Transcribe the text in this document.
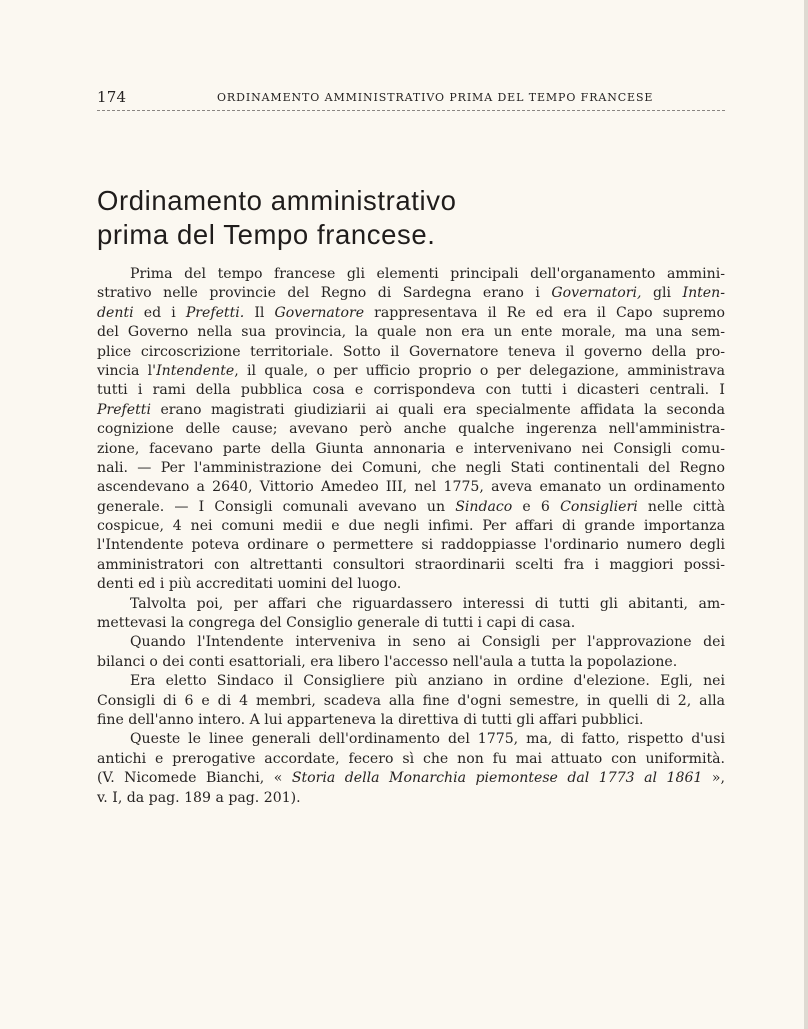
174	ORDINAMENTO AMMINISTRATIVO PRIMA DEL TEMPO FRANCESE
Ordinamento amministrativo
prima del Tempo francese.
Prima del tempo francese gli elementi principali dell'organamento ammini-
strativo nelle provincie del Regno di Sardegna erano i Governatori, gli Inten-
denti ed i Prefetti. Il Governatore rappresentava il Re ed era il Capo supremo
del Governo nella sua provincia, la quale non era un ente morale, ma una sem-
plice circoscrizione territoriale. Sotto il Governatore teneva il governo della pro-
vincia l'Intendente, il quale, o per ufficio proprio o per delegazione, amministrava
tutti i rami della pubblica cosa e corrispondeva con tutti i dicasteri centrali. I
Prefetti erano magistrati giudiziarii ai quali era specialmente affidata la seconda
cognizione delle cause; avevano però anche qualche ingerenza nell'amministra-
zione, facevano parte della Giunta annonaria e intervenivano nei Consigli comu-
nali. — Per l'amministrazione dei Comuni, che negli Stati continentali del Regno
ascendevano a 2640, Vittorio Amedeo III, nel 1775, aveva emanato un ordinamento
generale. — I Consigli comunali avevano un Sindaco e 6 Consiglieri nelle città
cospicue, 4 nei comuni medii e due negli infimi. Per affari di grande importanza
l'Intendente poteva ordinare o permettere si raddoppiasse l'ordinario numero degli
amministratori con altrettanti consultori straordinarii scelti fra i maggiori possi-
denti ed i più accreditati uomini del luogo.
Talvolta poi, per affari che riguardassero interessi di tutti gli abitanti, am-
mettevasi la congrega del Consiglio generale di tutti i capi di casa.
Quando l'Intendente interveniva in seno ai Consigli per l'approvazione dei
bilanci o dei conti esattoriali, era libero l'accesso nell'aula a tutta la popolazione.
Era eletto Sindaco il Consigliere più anziano in ordine d'elezione. Egli, nei
Consigli di 6 e di 4 membri, scadeva alla fine d'ogni semestre, in quelli di 2, alla
fine dell'anno intero. A lui apparteneva la direttiva di tutti gli affari pubblici.
Queste le linee generali dell'ordinamento del 1775, ma, di fatto, rispetto d'usi
antichi e prerogative accordate, fecero sì che non fu mai attuato con uniformità.
(V. Nicomede Bianchi, « Storia della Monarchia piemontese dal 1773 al 1861 »,
v. I, da pag. 189 a pag. 201).
